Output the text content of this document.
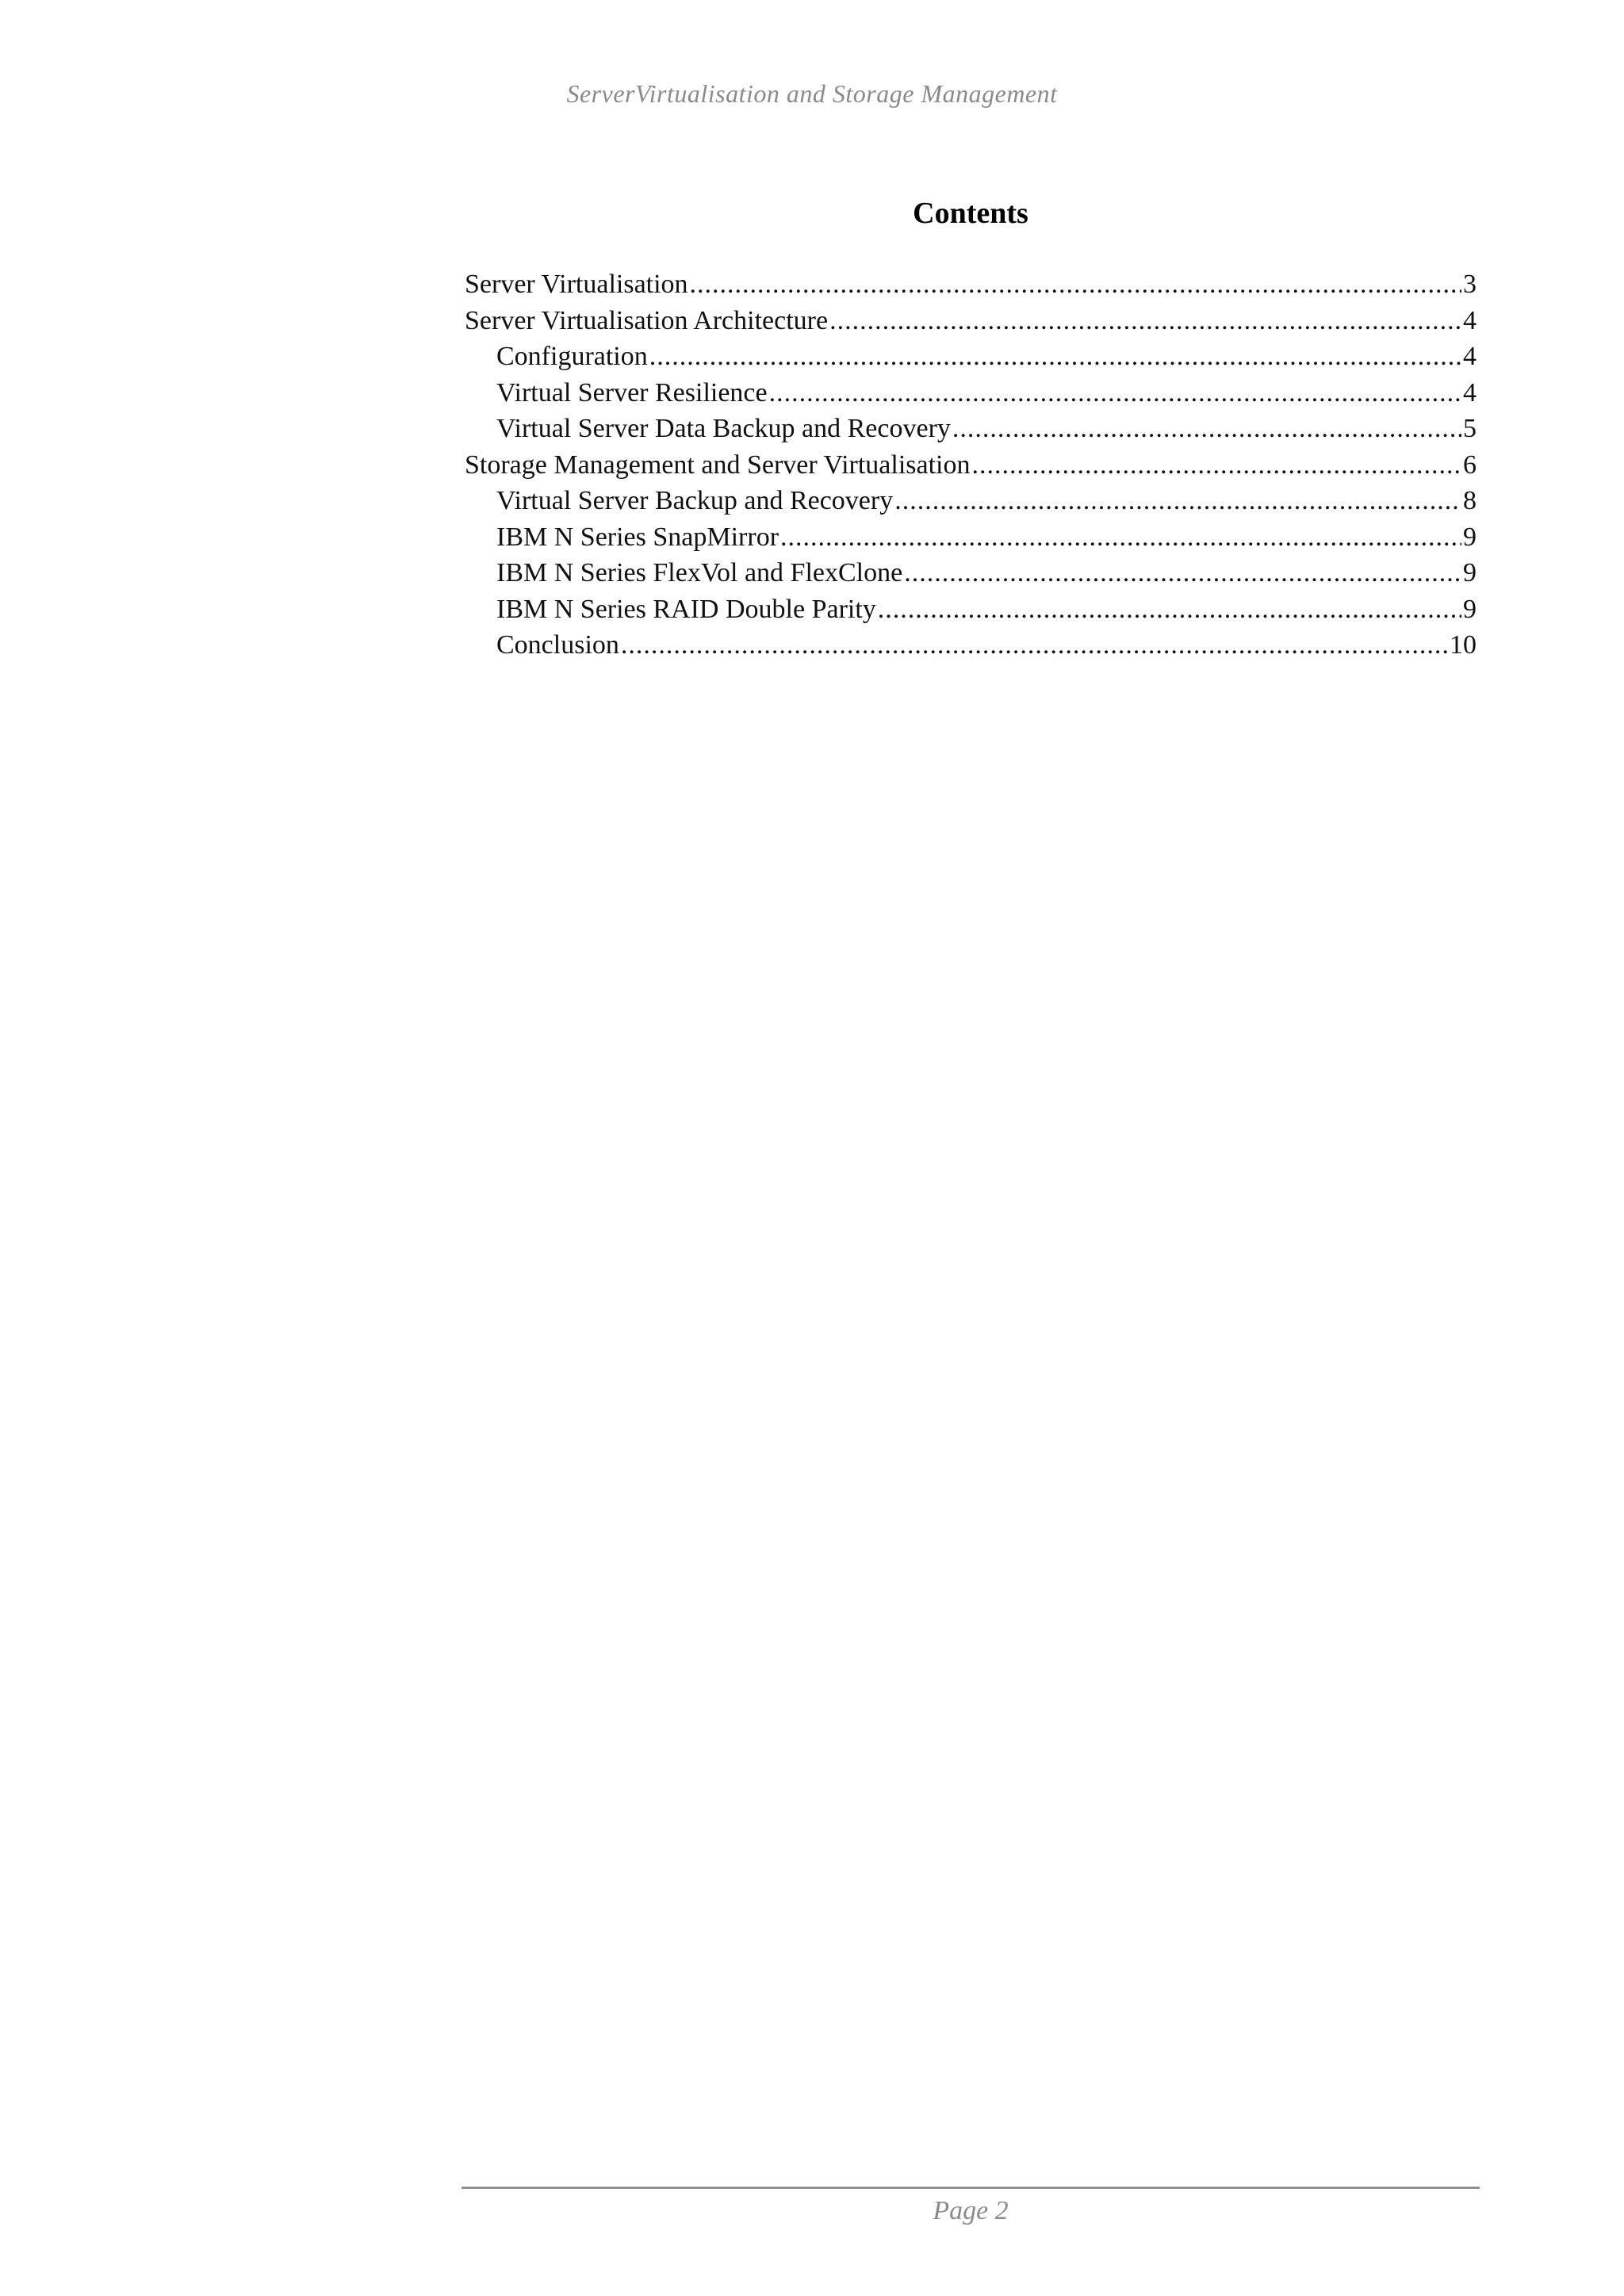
ServerVirtualisation and Storage Management
Contents
Server Virtualisation .....	3
Server Virtualisation Architecture .....	4
Configuration .....	4
Virtual Server Resilience .....	4
Virtual Server Data Backup and Recovery .....	5
Storage Management and Server Virtualisation .....	6
Virtual Server Backup and Recovery .....	8
IBM N Series SnapMirror .....	9
IBM N Series FlexVol and FlexClone .....	9
IBM N Series RAID Double Parity .....	9
Conclusion .....	10
Page 2
